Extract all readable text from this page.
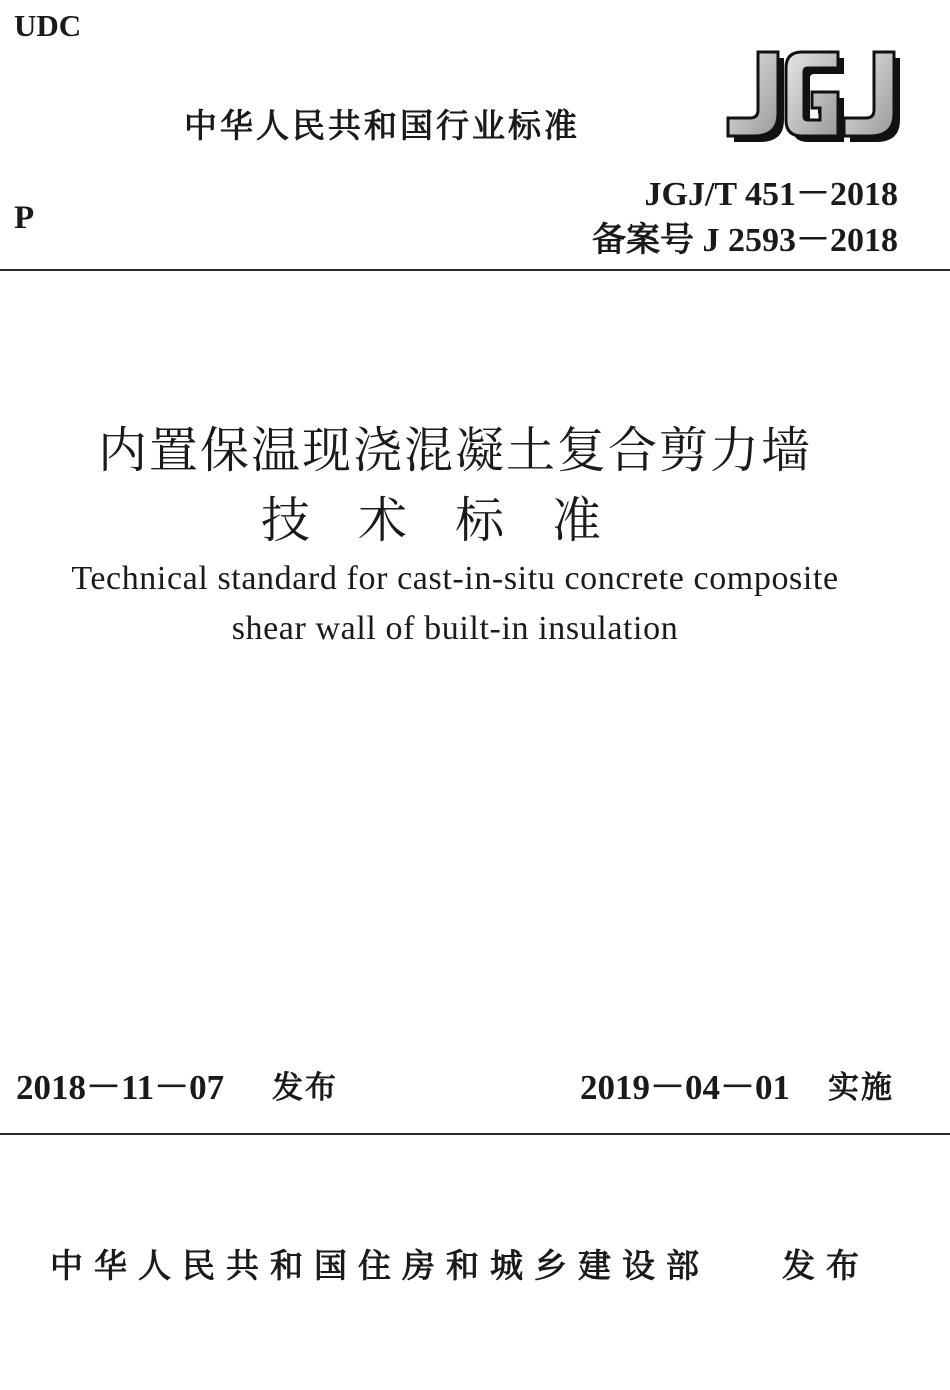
UDC
中华人民共和国行业标准
P
JGJ/T 451－2018
备案号 J 2593－2018
内置保温现浇混凝土复合剪力墙
技术标准
Technical standard for cast-in-situ concrete composite
shear wall of built-in insulation
2018－11－07 发布	2019－04－01 实施
中华人民共和国住房和城乡建设部 发布
